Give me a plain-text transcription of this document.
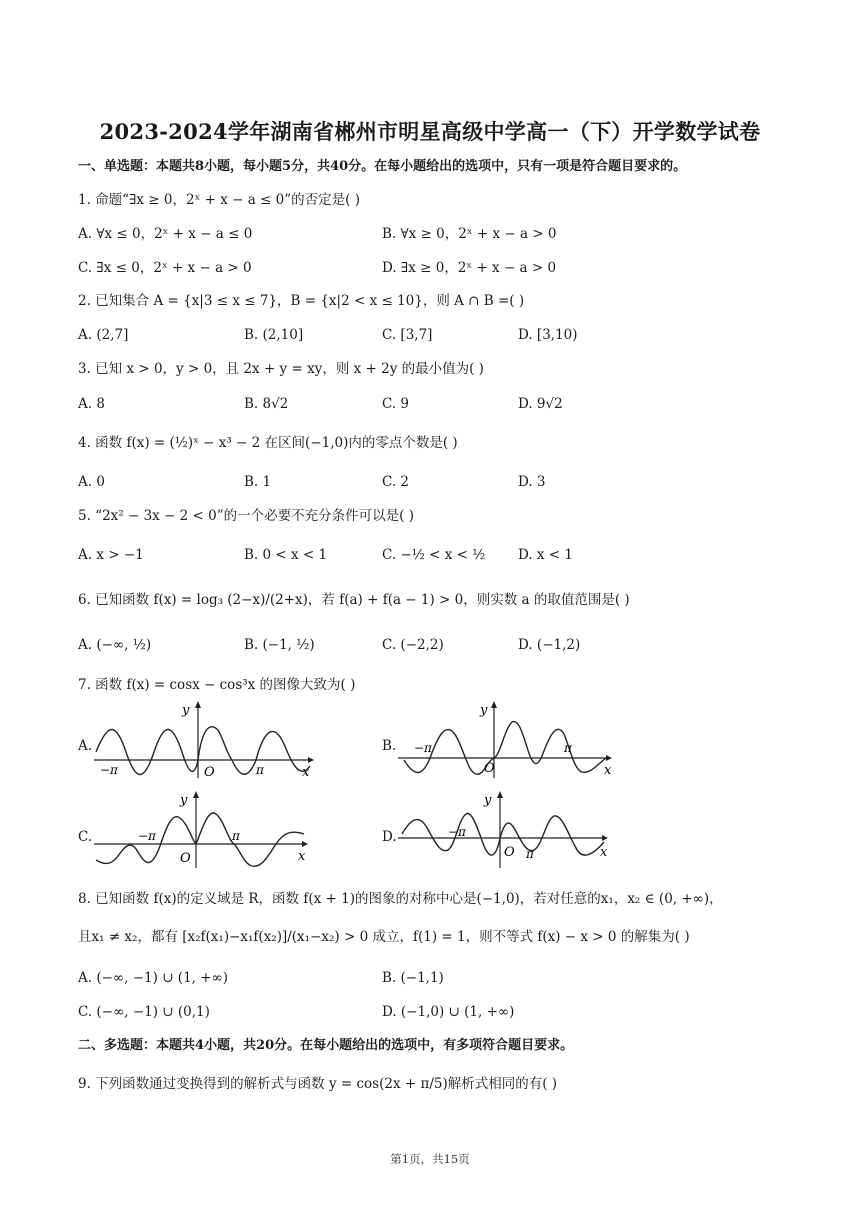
2023-2024学年湖南省郴州市明星高级中学高一（下）开学数学试卷
一、单选题：本题共8小题，每小题5分，共40分。在每小题给出的选项中，只有一项是符合题目要求的。
1. 命题“∃x ≥ 0，2ˣ + x − a ≤ 0”的否定是( )
A. ∀x ≤ 0，2ˣ + x − a ≤ 0	B. ∀x ≥ 0，2ˣ + x − a > 0
C. ∃x ≤ 0，2ˣ + x − a > 0	D. ∃x ≥ 0，2ˣ + x − a > 0
2. 已知集合 A = {x|3 ≤ x ≤ 7}，B = {x|2 < x ≤ 10}，则 A ∩ B =( )
A. (2,7]	B. (2,10]	C. [3,7]	D. [3,10)
3. 已知 x > 0，y > 0，且 2x + y = xy，则 x + 2y 的最小值为( )
A. 8	B. 8√2	C. 9	D. 9√2
4. 函数 f(x) = (½)ˣ − x³ − 2 在区间(−1,0)内的零点个数是( )
A. 0	B. 1	C. 2	D. 3
5. “2x² − 3x − 2 < 0”的一个必要不充分条件可以是( )
A. x > −1	B. 0 < x < 1	C. −½ < x < ½ D. x < 1
6. 已知函数 f(x) = log₃ (2−x)/(2+x)，若 f(a) + f(a − 1) > 0，则实数 a 的取值范围是( )
A. (−∞, ½)	B. (−1, ½)	C. (−2,2)	D. (−1,2)
7. 函数 f(x) = cosx − cos³x 的图像大致为( )
A.	B.
C.	D.
y
x
O
−π	π
y
x
O
−π	π
y
x
O
−π	π
y
x
O
−π
π
8. 已知函数 f(x)的定义域是 R，函数 f(x + 1)的图象的对称中心是(−1,0)，若对任意的x₁，x₂ ∈ (0, +∞)，
且x₁ ≠ x₂，都有 [x₂f(x₁)−x₁f(x₂)]/(x₁−x₂) > 0 成立，f(1) = 1，则不等式 f(x) − x > 0 的解集为( )
A. (−∞, −1) ∪ (1, +∞)	B. (−1,1)
C. (−∞, −1) ∪ (0,1)	D. (−1,0) ∪ (1, +∞)
二、多选题：本题共4小题，共20分。在每小题给出的选项中，有多项符合题目要求。
9. 下列函数通过变换得到的解析式与函数 y = cos(2x + π/5)解析式相同的有( )
第1页，共15页
